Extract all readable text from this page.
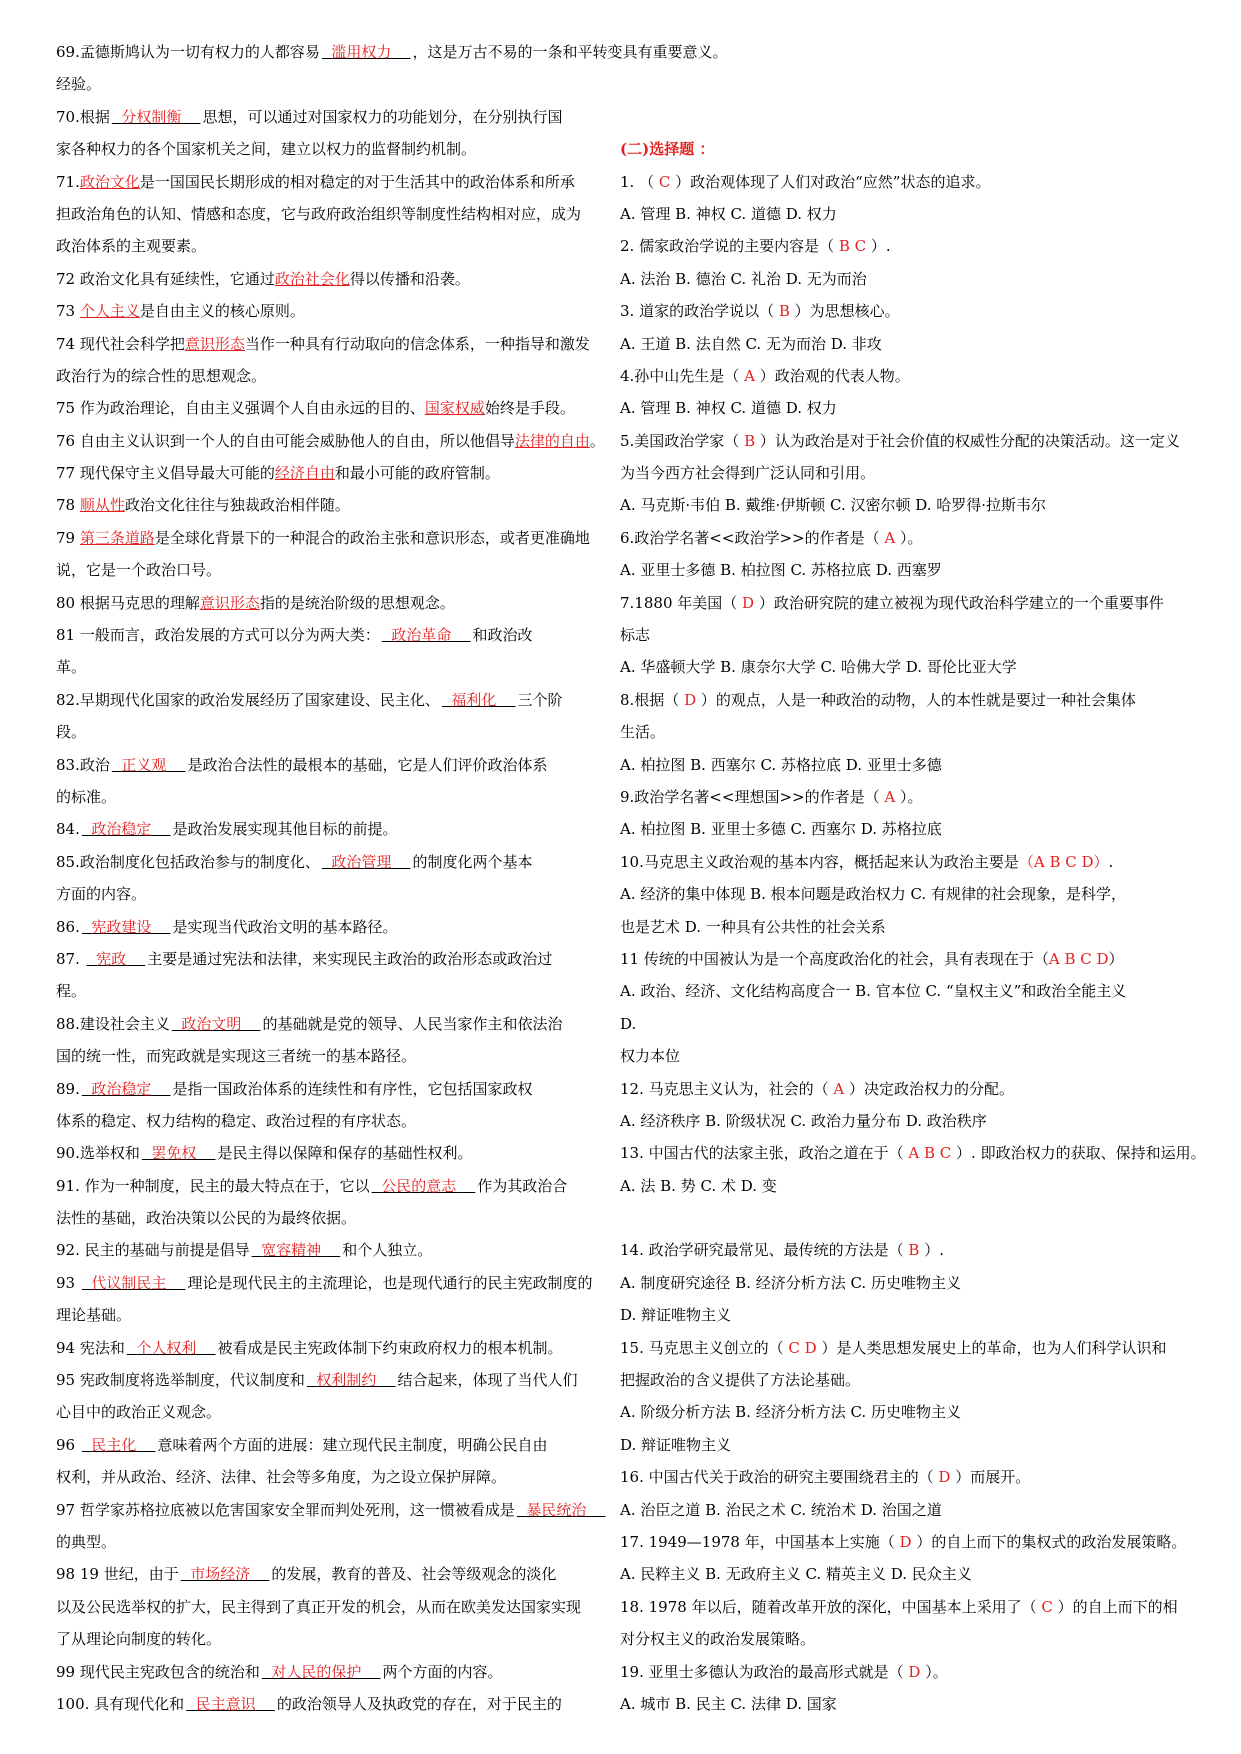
69.孟德斯鸠认为一切有权力的人都容易 滥用权力 ，这是万古不易的一条和平转变具有重要意义。
经验。
70.根据 分权制衡 思想，可以通过对国家权力的功能划分，在分别执行国
家各种权力的各个国家机关之间，建立以权力的监督制约机制。
71.政治文化是一国国民长期形成的相对稳定的对于生活其中的政治体系和所承
担政治角色的认知、情感和态度，它与政府政治组织等制度性结构相对应，成为
政治体系的主观要素。
72 政治文化具有延续性，它通过政治社会化得以传播和沿袭。
73 个人主义是自由主义的核心原则。
74 现代社会科学把意识形态当作一种具有行动取向的信念体系，一种指导和激发
政治行为的综合性的思想观念。
75 作为政治理论，自由主义强调个人自由永远的目的、国家权威始终是手段。
76 自由主义认识到一个人的自由可能会威胁他人的自由，所以他倡导法律的自由。
77 现代保守主义倡导最大可能的经济自由和最小可能的政府管制。
78 顺从性政治文化往往与独裁政治相伴随。
79 第三条道路是全球化背景下的一种混合的政治主张和意识形态，或者更准确地
说，它是一个政治口号。
80 根据马克思的理解意识形态指的是统治阶级的思想观念。
81 一般而言，政治发展的方式可以分为两大类： 政治革命 和政治改
革。
82.早期现代化国家的政治发展经历了国家建设、民主化、 福利化 三个阶
段。
83.政治 正义观 是政治合法性的最根本的基础，它是人们评价政治体系
的标准。
84. 政治稳定 是政治发展实现其他目标的前提。
85.政治制度化包括政治参与的制度化、 政治管理 的制度化两个基本
方面的内容。
86. 宪政建设 是实现当代政治文明的基本路径。
87.   宪政 主要是通过宪法和法律，来实现民主政治的政治形态或政治过
程。
88.建设社会主义 政治文明 的基础就是党的领导、人民当家作主和依法治
国的统一性，而宪政就是实现这三者统一的基本路径。
89. 政治稳定 是指一国政治体系的连续性和有序性，它包括国家政权
体系的稳定、权力结构的稳定、政治过程的有序状态。
90.选举权和 罢免权 是民主得以保障和保存的基础性权利。
91. 作为一种制度，民主的最大特点在于，它以 公民的意志 作为其政治合
法性的基础，政治决策以公民的为最终依据。
92. 民主的基础与前提是倡导 宽容精神 和个人独立。
93   代议制民主 理论是现代民主的主流理论，也是现代通行的民主宪政制度的
理论基础。
94 宪法和 个人权利 被看成是民主宪政体制下约束政府权力的根本机制。
95 宪政制度将选举制度，代议制度和 权利制约 结合起来，体现了当代人们
心目中的政治正义观念。
96   民主化 意味着两个方面的进展：建立现代民主制度，明确公民自由
权利，并从政治、经济、法律、社会等多角度，为之设立保护屏障。
97 哲学家苏格拉底被以危害国家安全罪而判处死刑，这一惯被看成是 暴民统治
的典型。
98 19 世纪，由于 市场经济 的发展，教育的普及、社会等级观念的淡化
以及公民选举权的扩大，民主得到了真正开发的机会，从而在欧美发达国家实现
了从理论向制度的转化。
99 现代民主宪政包含的统治和 对人民的保护 两个方面的内容。
100. 具有现代化和 民主意识 的政治领导人及执政党的存在，对于民主的
(二)选择题 ：
1. （ C ）政治观体现了人们对政治“应然”状态的追求。
A. 管理 B. 神权 C. 道德 D. 权力
2. 儒家政治学说的主要内容是（ B C ）.
A. 法治 B. 德治 C. 礼治 D. 无为而治
3. 道家的政治学说以（ B ）为思想核心。
A. 王道 B. 法自然 C. 无为而治 D. 非攻
4.孙中山先生是（ A ）政治观的代表人物。
A. 管理 B. 神权 C. 道德 D. 权力
5.美国政治学家（ B ）认为政治是对于社会价值的权威性分配的决策活动。这一定义
为当今西方社会得到广泛认同和引用。
A. 马克斯·韦伯 B. 戴维·伊斯顿 C. 汉密尔顿 D. 哈罗得·拉斯韦尔
6.政治学名著<<政治学>>的作者是（ A ）。
A. 亚里士多德 B. 柏拉图 C. 苏格拉底 D. 西塞罗
7.1880 年美国（ D ）政治研究院的建立被视为现代政治科学建立的一个重要事件
标志
A. 华盛顿大学 B. 康奈尔大学 C. 哈佛大学 D. 哥伦比亚大学
8.根据（ D ）的观点，人是一种政治的动物，人的本性就是要过一种社会集体
生活。
A. 柏拉图 B. 西塞尔 C. 苏格拉底 D. 亚里士多德
9.政治学名著<<理想国>>的作者是（ A ）。
A. 柏拉图 B. 亚里士多德 C. 西塞尔 D. 苏格拉底
10.马克思主义政治观的基本内容，概括起来认为政治主要是（A B C D）.
A. 经济的集中体现 B. 根本问题是政治权力 C. 有规律的社会现象，是科学，
也是艺术 D. 一种具有公共性的社会关系
11 传统的中国被认为是一个高度政治化的社会，具有表现在于（A B C D）
A. 政治、经济、文化结构高度合一 B. 官本位 C. “皇权主义”和政治全能主义
D.
权力本位
12. 马克思主义认为，社会的（ A ）决定政治权力的分配。
A. 经济秩序 B. 阶级状况 C. 政治力量分布 D. 政治秩序
13. 中国古代的法家主张，政治之道在于（ A B C ）. 即政治权力的获取、保持和运用。
A. 法 B. 势 C. 术 D. 变
14. 政治学研究最常见、最传统的方法是（ B ）.
A. 制度研究途径 B. 经济分析方法 C. 历史唯物主义
D. 辩证唯物主义
15. 马克思主义创立的（ C D ）是人类思想发展史上的革命，也为人们科学认识和
把握政治的含义提供了方法论基础。
A. 阶级分析方法 B. 经济分析方法 C. 历史唯物主义
D. 辩证唯物主义
16. 中国古代关于政治的研究主要围绕君主的（ D ）而展开。
A. 治臣之道 B. 治民之术 C. 统治术 D. 治国之道
17. 1949—1978 年，中国基本上实施（ D ）的自上而下的集权式的政治发展策略。
A. 民粹主义 B. 无政府主义 C. 精英主义 D. 民众主义
18. 1978 年以后，随着改革开放的深化，中国基本上采用了（ C ）的自上而下的相
对分权主义的政治发展策略。
19. 亚里士多德认为政治的最高形式就是（ D ）。
A. 城市 B. 民主 C. 法律 D. 国家
